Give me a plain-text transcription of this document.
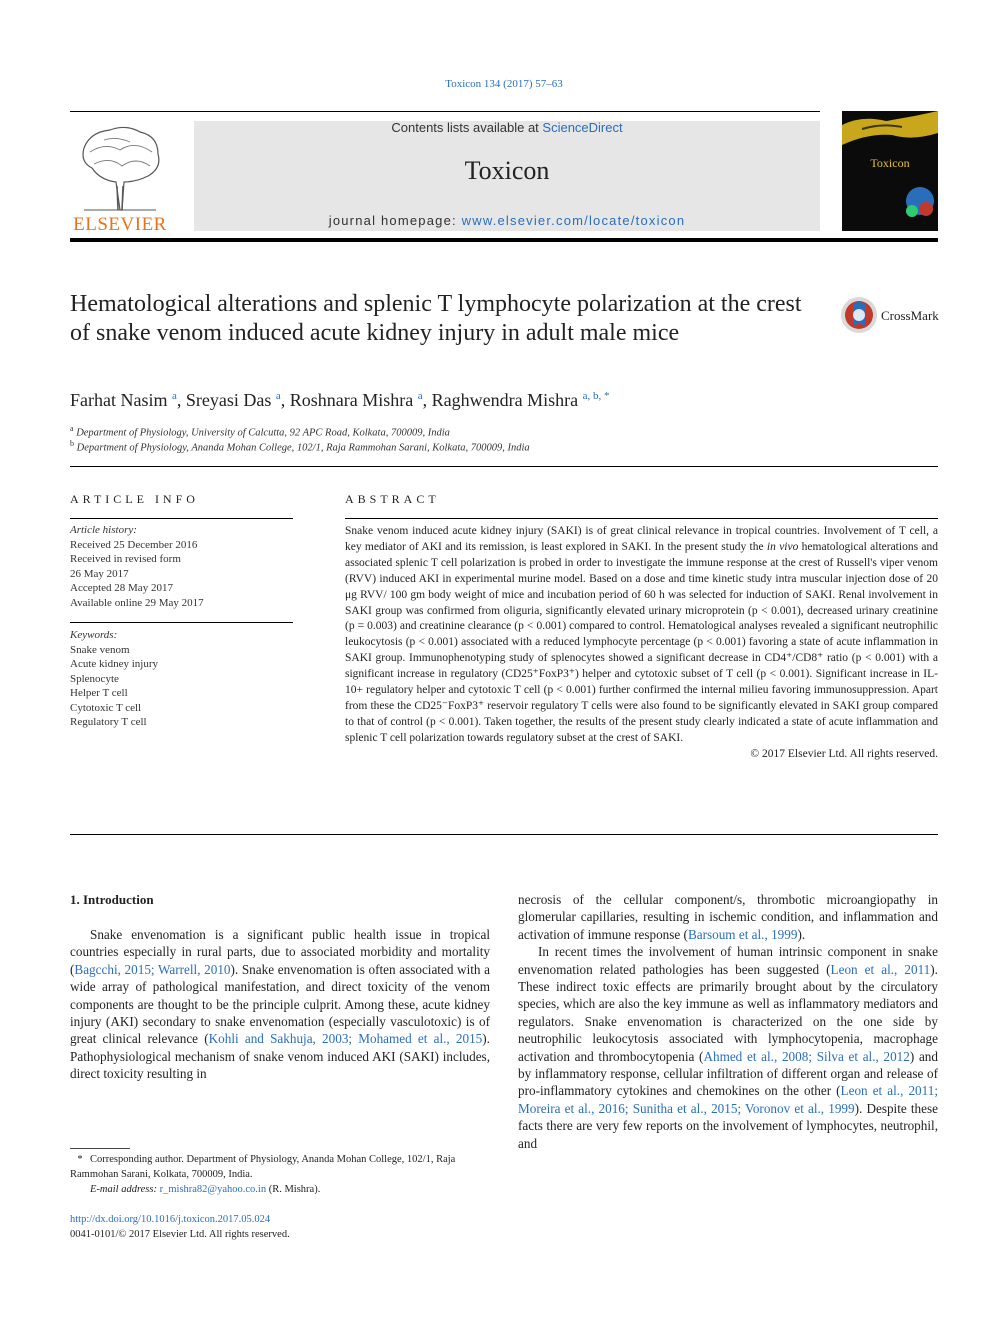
Toxicon 134 (2017) 57–63
ELSEVIER
Contents lists available at ScienceDirect
Toxicon
journal homepage: www.elsevier.com/locate/toxicon
Toxicon
Hematological alterations and splenic T lymphocyte polarization at the crest of snake venom induced acute kidney injury in adult male mice
CrossMark
Farhat Nasim $^a$, Sreyasi Das $^a$, Roshnara Mishra $^a$, Raghwendra Mishra $^{a, b, *}$
$^a$ Department of Physiology, University of Calcutta, 92 APC Road, Kolkata, 700009, India
$^b$ Department of Physiology, Ananda Mohan College, 102/1, Raja Rammohan Sarani, Kolkata, 700009, India
ARTICLE INFO
Article history:
Received 25 December 2016
Received in revised form
26 May 2017
Accepted 28 May 2017
Available online 29 May 2017
Keywords:
Snake venom
Acute kidney injury
Splenocyte
Helper T cell
Cytotoxic T cell
Regulatory T cell
ABSTRACT
Snake venom induced acute kidney injury (SAKI) is of great clinical relevance in tropical countries. Involvement of T cell, a key mediator of AKI and its remission, is least explored in SAKI. In the present study the in vivo hematological alterations and associated splenic T cell polarization is probed in order to investigate the immune response at the crest of Russell's viper venom (RVV) induced AKI in experimental murine model. Based on a dose and time kinetic study intra muscular injection dose of 20 μg RVV/ 100 gm body weight of mice and incubation period of 60 h was selected for induction of SAKI. Renal involvement in SAKI group was confirmed from oliguria, significantly elevated urinary microprotein (p < 0.001), decreased urinary creatinine (p = 0.003) and creatinine clearance (p < 0.001) compared to control. Hematological analyses revealed a significant neutrophilic leukocytosis (p < 0.001) associated with a reduced lymphocyte percentage (p < 0.001) favoring a state of acute inflammation in SAKI group. Immunophenotyping study of splenocytes showed a significant decrease in CD4⁺/CD8⁺ ratio (p < 0.001) with a significant increase in regulatory (CD25⁺FoxP3⁺) helper and cytotoxic subset of T cell (p < 0.001). Significant increase in IL-10+ regulatory helper and cytotoxic T cell (p < 0.001) further confirmed the internal milieu favoring immunosuppression. Apart from these the CD25⁻FoxP3⁺ reservoir regulatory T cells were also found to be significantly elevated in SAKI group compared to that of control (p < 0.001). Taken together, the results of the present study clearly indicated a state of acute inflammation and splenic T cell polarization towards regulatory subset at the crest of SAKI.
© 2017 Elsevier Ltd. All rights reserved.
1. Introduction

Snake envenomation is a significant public health issue in tropical countries especially in rural parts, due to associated morbidity and mortality (Bagcchi, 2015; Warrell, 2010). Snake envenomation is often associated with a wide array of pathological manifestation, and direct toxicity of the venom components are thought to be the principle culprit. Among these, acute kidney injury (AKI) secondary to snake envenomation (especially vasculotoxic) is of great clinical relevance (Kohli and Sakhuja, 2003; Mohamed et al., 2015). Pathophysiological mechanism of snake venom induced AKI (SAKI) includes, direct toxicity resulting in

necrosis of the cellular component/s, thrombotic microangiopathy in glomerular capillaries, resulting in ischemic condition, and inflammation and activation of immune response (Barsoum et al., 1999).

In recent times the involvement of human intrinsic component in snake envenomation related pathologies has been suggested (Leon et al., 2011). These indirect toxic effects are primarily brought about by the circulatory species, which are also the key immune as well as inflammatory mediators and regulators. Snake envenomation is characterized on the one side by neutrophilic leukocytosis associated with lymphocytopenia, macrophage activation and thrombocytopenia (Ahmed et al., 2008; Silva et al., 2012) and by inflammatory response, cellular infiltration of different organ and release of pro-inflammatory cytokines and chemokines on the other (Leon et al., 2011; Moreira et al., 2016; Sunitha et al., 2015; Voronov et al., 1999). Despite these facts there are very few reports on the involvement of lymphocytes, neutrophil, and

* Corresponding author. Department of Physiology, Ananda Mohan College, 102/1, Raja Rammohan Sarani, Kolkata, 700009, India.
E-mail address: r_mishra82@yahoo.co.in (R. Mishra).
http://dx.doi.org/10.1016/j.toxicon.2017.05.024
0041-0101/© 2017 Elsevier Ltd. All rights reserved.
